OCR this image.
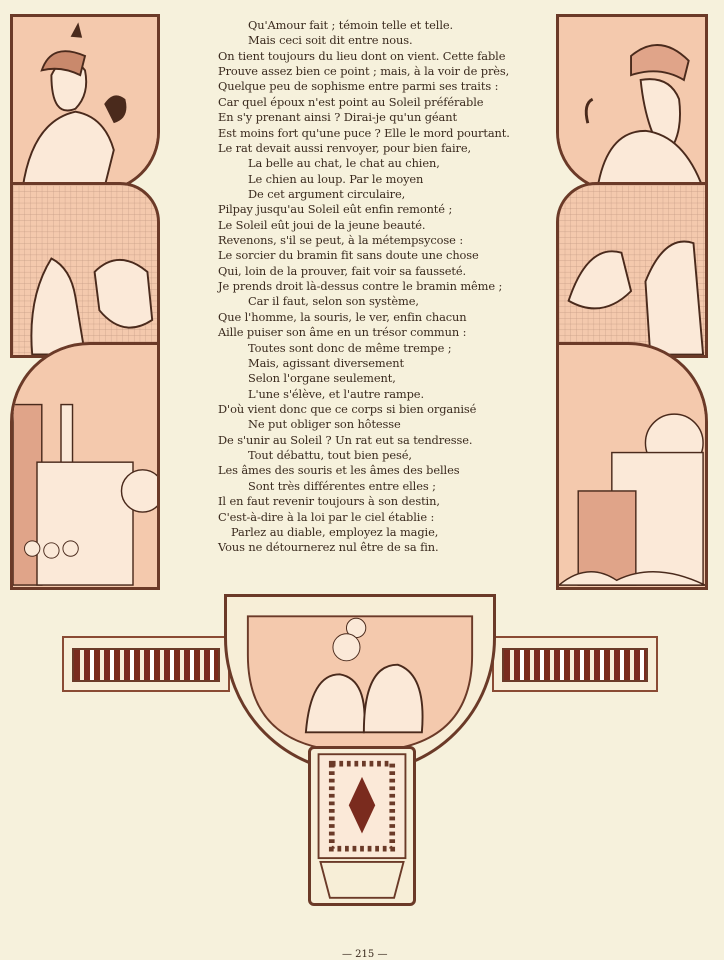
Qu'Amour fait ; témoin telle et telle.
Mais ceci soit dit entre nous.
On tient toujours du lieu dont on vient. Cette fable
Prouve assez bien ce point ; mais, à la voir de près,
Quelque peu de sophisme entre parmi ses traits :
Car quel époux n'est point au Soleil préférable
En s'y prenant ainsi ? Dirai-je qu'un géant
Est moins fort qu'une puce ? Elle le mord pourtant.
Le rat devait aussi renvoyer, pour bien faire,
La belle au chat, le chat au chien,
Le chien au loup. Par le moyen
De cet argument circulaire,
Pilpay jusqu'au Soleil eût enfin remonté ;
Le Soleil eût joui de la jeune beauté.
Revenons, s'il se peut, à la métempsycose :
Le sorcier du bramin fit sans doute une chose
Qui, loin de la prouver, fait voir sa fausseté.
Je prends droit là-dessus contre le bramin même ;
Car il faut, selon son système,
Que l'homme, la souris, le ver, enfin chacun
Aille puiser son âme en un trésor commun :
Toutes sont donc de même trempe ;
Mais, agissant diversement
Selon l'organe seulement,
L'une s'élève, et l'autre rampe.
D'où vient donc que ce corps si bien organisé
Ne put obliger son hôtesse
De s'unir au Soleil ? Un rat eut sa tendresse.
Tout débattu, tout bien pesé,
Les âmes des souris et les âmes des belles
Sont très différentes entre elles ;
Il en faut revenir toujours à son destin,
C'est-à-dire à la loi par le ciel établie :
Parlez au diable, employez la magie,
Vous ne détournerez nul être de sa fin.
— 215 —
